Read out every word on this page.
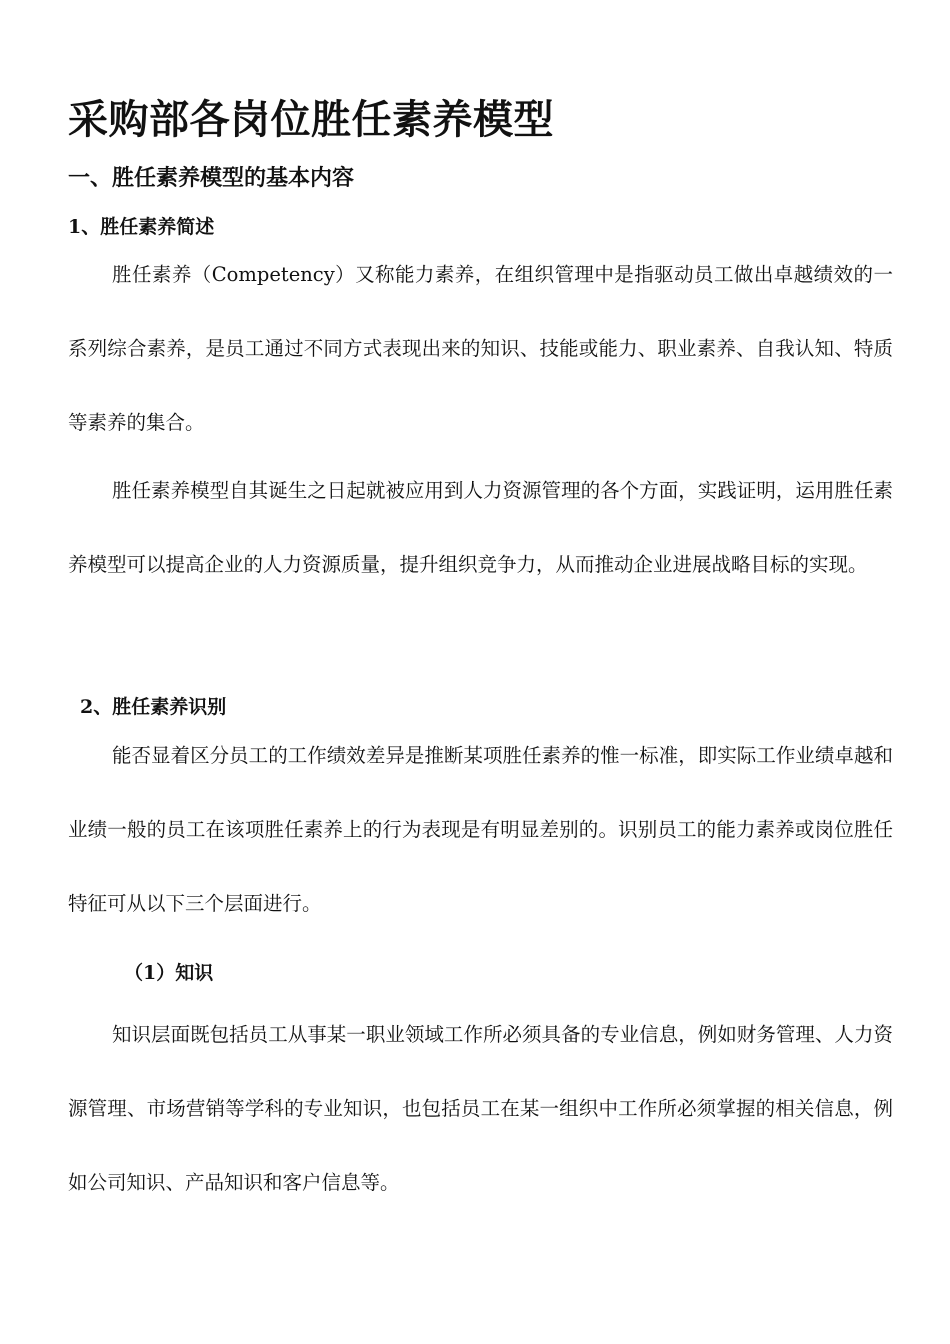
采购部各岗位胜任素养模型
一、胜任素养模型的基本内容
1、胜任素养简述

胜任素养（Competency）又称能力素养，在组织管理中是指驱动员工做出卓越绩效的一系列综合素养，是员工通过不同方式表现出来的知识、技能或能力、职业素养、自我认知、特质等素养的集合。

胜任素养模型自其诞生之日起就被应用到人力资源管理的各个方面，实践证明，运用胜任素养模型可以提高企业的人力资源质量，提升组织竞争力，从而推动企业进展战略目标的实现。

2、胜任素养识别

能否显着区分员工的工作绩效差异是推断某项胜任素养的惟一标准，即实际工作业绩卓越和业绩一般的员工在该项胜任素养上的行为表现是有明显差别的。识别员工的能力素养或岗位胜任特征可从以下三个层面进行。

（1）知识

知识层面既包括员工从事某一职业领域工作所必须具备的专业信息，例如财务管理、人力资源管理、市场营销等学科的专业知识，也包括员工在某一组织中工作所必须掌握的相关信息，例如公司知识、产品知识和客户信息等。
